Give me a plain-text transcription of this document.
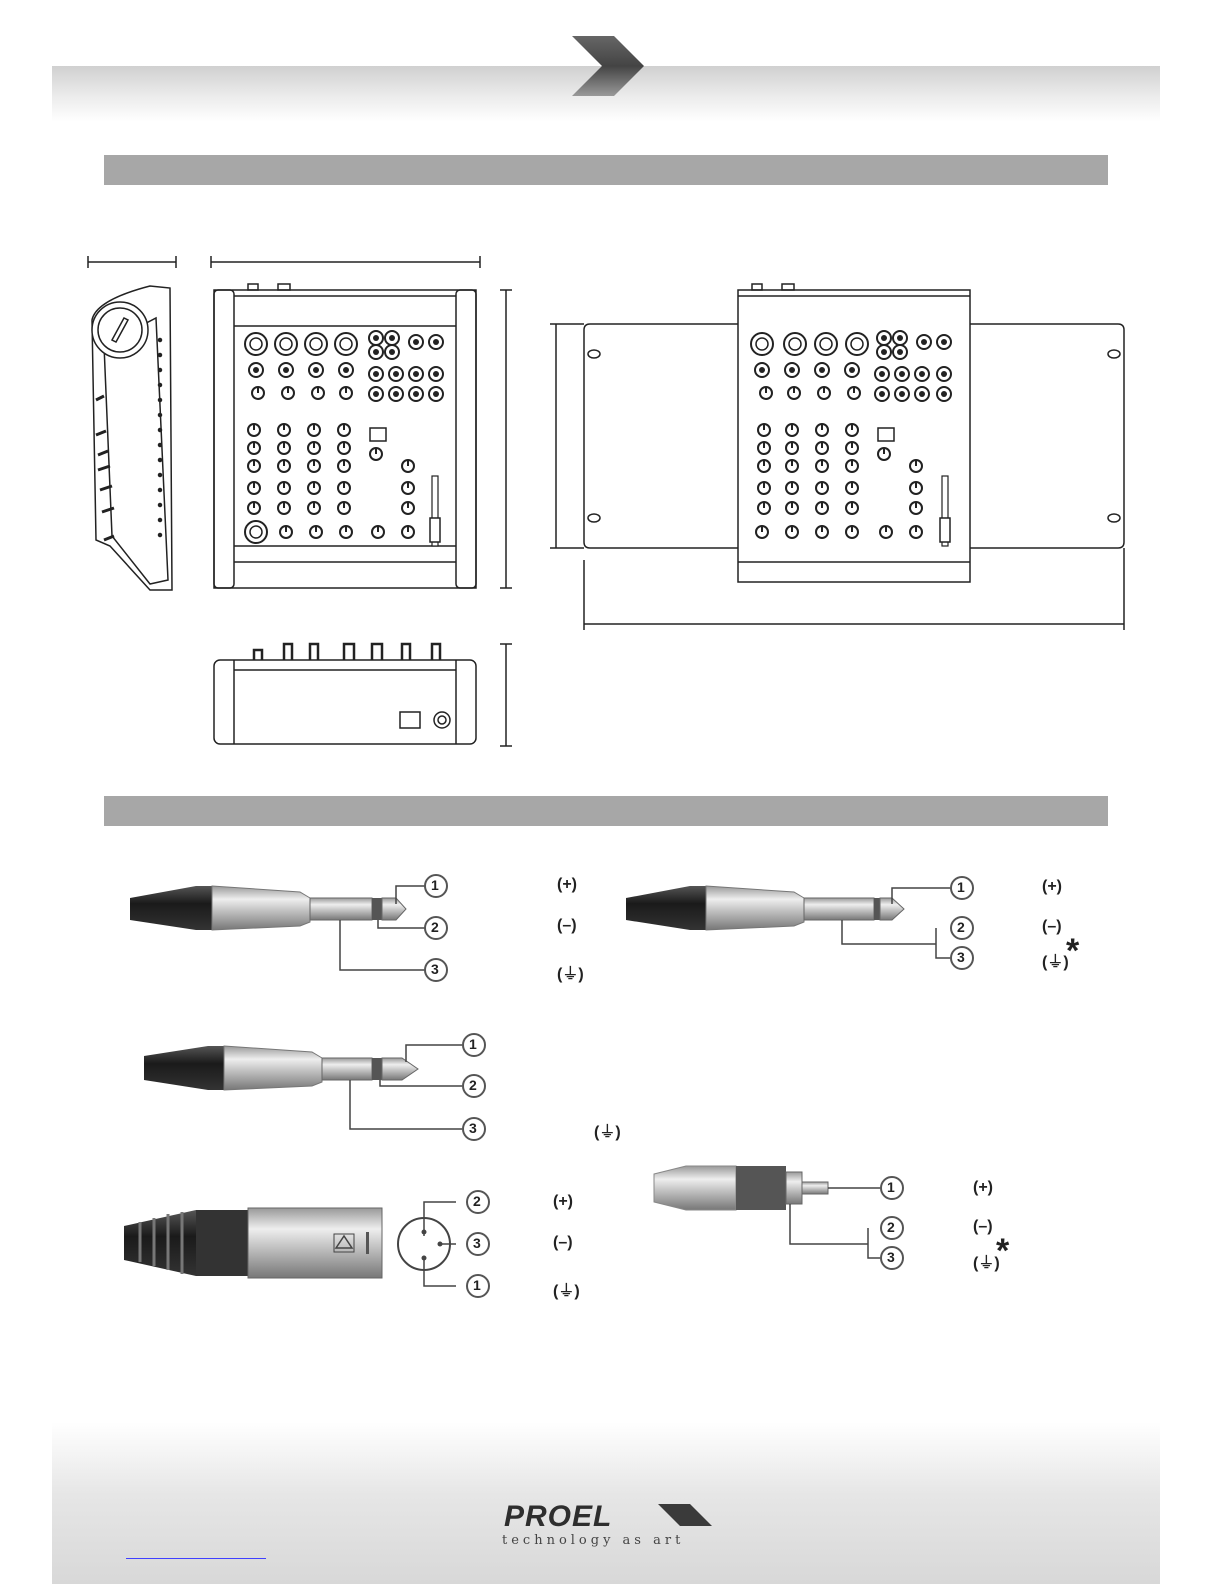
1
2
3
1
2
3
1
2
3
2
3
1
1
2
3
(+)
(–)
(⏚)
(+)
(–)
(⏚)
*
(⏚)
(+)
(–)
(⏚)
(+)
(–)
(⏚)
*
PROEL
technology as art
